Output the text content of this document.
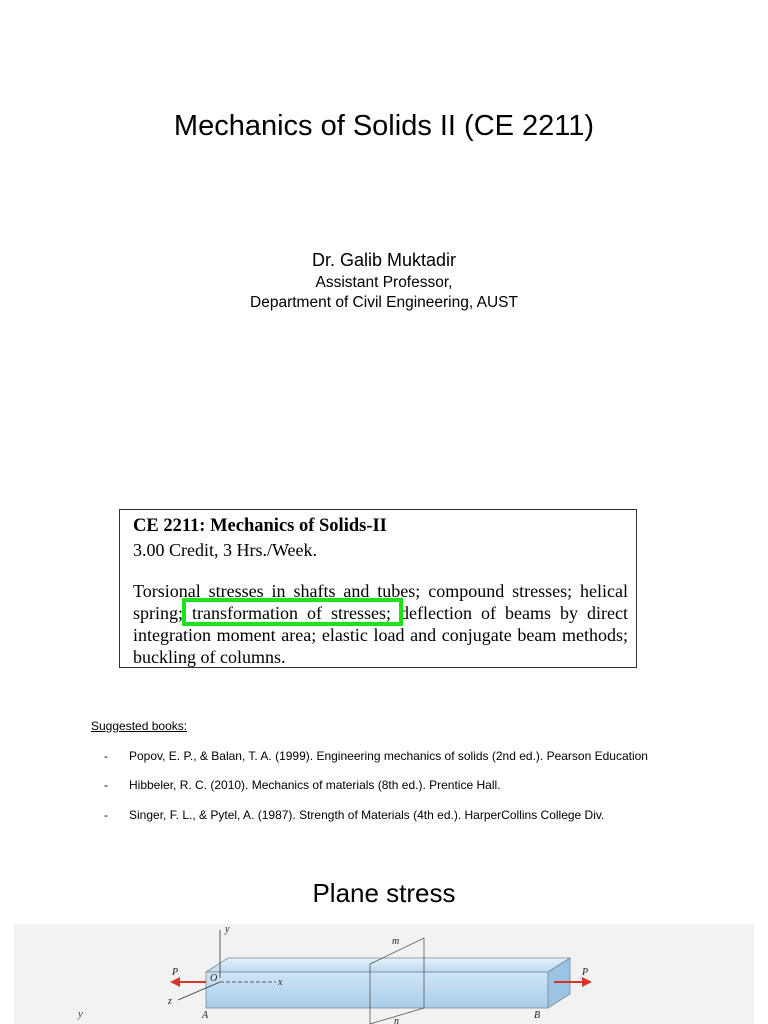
Mechanics of Solids II (CE 2211)
Dr. Galib Muktadir
Assistant Professor,
Department of Civil Engineering, AUST
CE 2211: Mechanics of Solids-II
3.00 Credit, 3 Hrs./Week.
Torsional stresses in shafts and tubes; compound stresses; helical
spring; transformation of stresses; deflection of beams by direct
integration moment area; elastic load and conjugate beam methods;
buckling of columns.
Suggested books:
- Popov, E. P., & Balan, T. A. (1999). Engineering mechanics of solids (2nd ed.). Pearson Education
- Hibbeler, R. C. (2010). Mechanics of materials (8th ed.). Prentice Hall.
- Singer, F. L., & Pytel, A. (1987). Strength of Materials (4th ed.). HarperCollins College Div.
Plane stress
y
x
z
O
A	B
m
n
P	P
y
